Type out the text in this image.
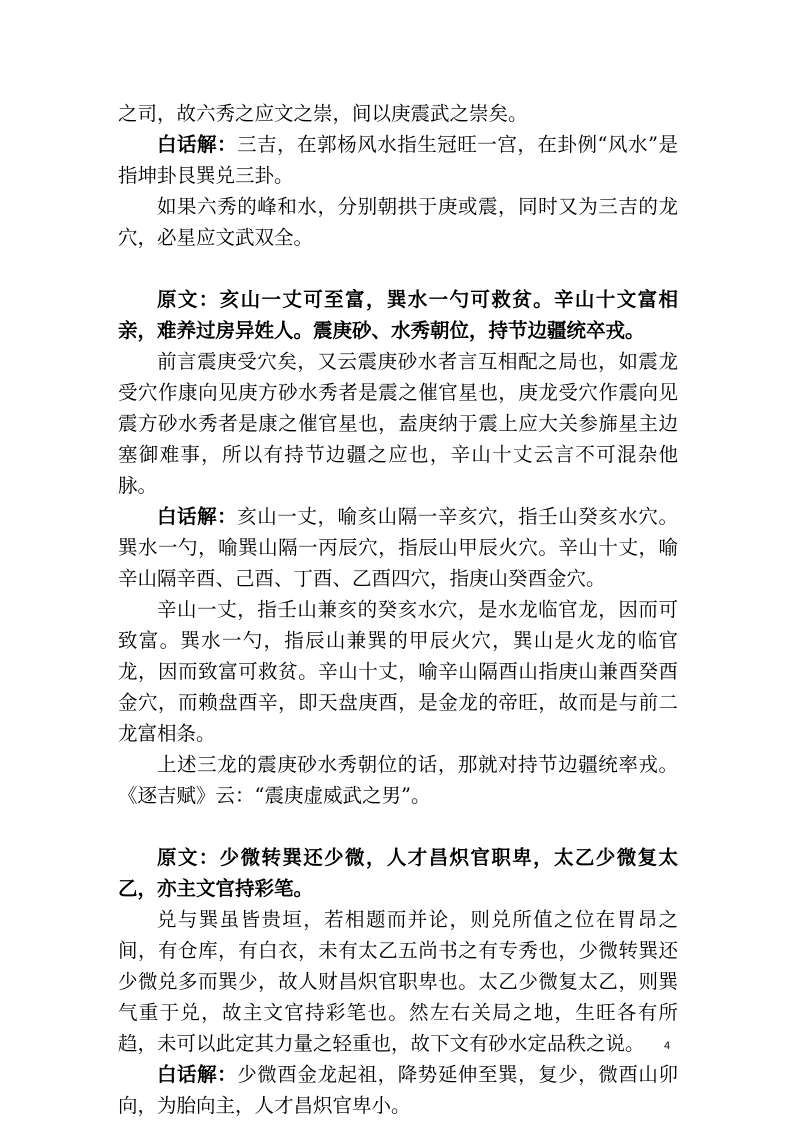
之司，故六秀之应文之崇，间以庚震武之崇矣。

白话解：三吉，在郭杨风水指生冠旺一宫，在卦例“风水”是指坤卦艮巽兑三卦。

如果六秀的峰和水，分别朝拱于庚或震，同时又为三吉的龙穴，必星应文武双全。

原文：亥山一丈可至富，巽水一勺可救贫。辛山十文富相亲，难养过房异姓人。震庚砂、水秀朝位，持节边疆统卒戎。

前言震庚受穴矣，又云震庚砂水者言互相配之局也，如震龙受穴作康向见庚方砂水秀者是震之催官星也，庚龙受穴作震向见震方砂水秀者是康之催官星也，盍庚纳于震上应大关参旆星主边塞御难事，所以有持节边疆之应也，辛山十丈云言不可混杂他脉。

白话解：亥山一丈，喻亥山隔一辛亥穴，指壬山癸亥水穴。巽水一勺，喻巽山隔一丙辰穴，指辰山甲辰火穴。辛山十丈，喻辛山隔辛酉、己酉、丁酉、乙酉四穴，指庚山癸酉金穴。

辛山一丈，指壬山兼亥的癸亥水穴，是水龙临官龙，因而可致富。巽水一勺，指辰山兼巽的甲辰火穴，巽山是火龙的临官龙，因而致富可救贫。辛山十丈，喻辛山隔酉山指庚山兼酉癸酉金穴，而赖盘酉辛，即天盘庚酉，是金龙的帝旺，故而是与前二龙富相条。

上述三龙的震庚砂水秀朝位的话，那就对持节边疆统率戎。《逐吉赋》云：“震庚虚威武之男”。

原文：少微转巽还少微，人才昌炽官职卑，太乙少微复太乙，亦主文官持彩笔。

兑与巽虽皆贵垣，若相题而并论，则兑所值之位在胃昂之间，有仓库，有白衣，未有太乙五尚书之有专秀也，少微转巽还少微兑多而巽少，故人财昌炽官职卑也。太乙少微复太乙，则巽气重于兑，故主文官持彩笔也。然左右关局之地，生旺各有所趋，未可以此定其力量之轻重也，故下文有砂水定品秩之说。

白话解：少微酉金龙起祖，降势延伸至巽，复少，微酉山卯向，为胎向主，人才昌炽官卑小。

4
